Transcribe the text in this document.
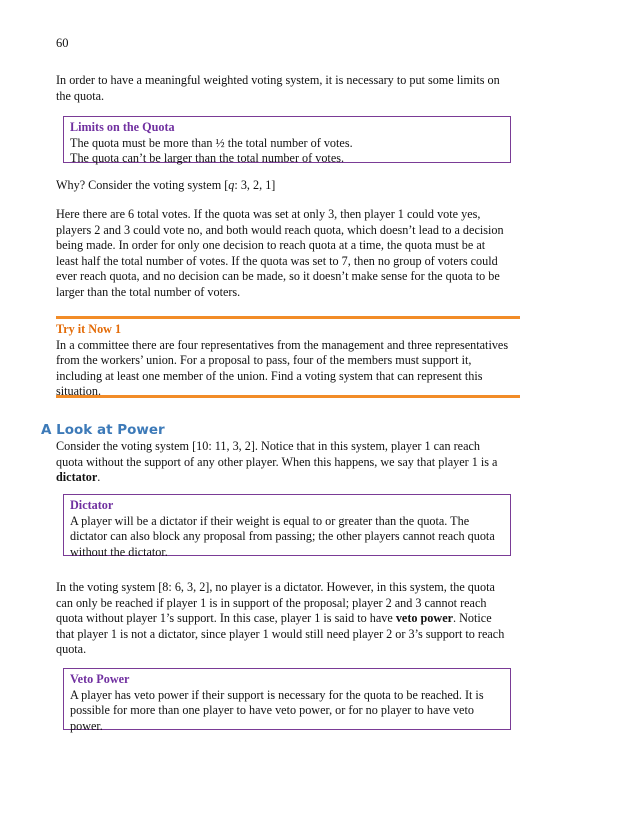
60

In order to have a meaningful weighted voting system, it is necessary to put some limits on

the quota.

Limits on the Quota
The quota must be more than ½ the total number of votes.
The quota can’t be larger than the total number of votes.
Why? Consider the voting system [q: 3, 2, 1]

Here there are 6 total votes. If the quota was set at only 3, then player 1 could vote yes,

players 2 and 3 could vote no, and both would reach quota, which doesn’t lead to a decision

being made. In order for only one decision to reach quota at a time, the quota must be at

least half the total number of votes. If the quota was set to 7, then no group of voters could

ever reach quota, and no decision can be made, so it doesn’t make sense for the quota to be

larger than the total number of voters.

Try it Now 1
In a committee there are four representatives from the management and three representatives
from the workers’ union. For a proposal to pass, four of the members must support it,
including at least one member of the union. Find a voting system that can represent this
situation.
A Look at Power

Consider the voting system [10: 11, 3, 2]. Notice that in this system, player 1 can reach

quota without the support of any other player. When this happens, we say that player 1 is a

dictator.

Dictator
A player will be a dictator if their weight is equal to or greater than the quota. The
dictator can also block any proposal from passing; the other players cannot reach quota
without the dictator.

In the voting system [8: 6, 3, 2], no player is a dictator. However, in this system, the quota

can only be reached if player 1 is in support of the proposal; player 2 and 3 cannot reach

quota without player 1’s support. In this case, player 1 is said to have veto power. Notice

that player 1 is not a dictator, since player 1 would still need player 2 or 3’s support to reach

quota.

Veto Power
A player has veto power if their support is necessary for the quota to be reached. It is
possible for more than one player to have veto power, or for no player to have veto
power.
